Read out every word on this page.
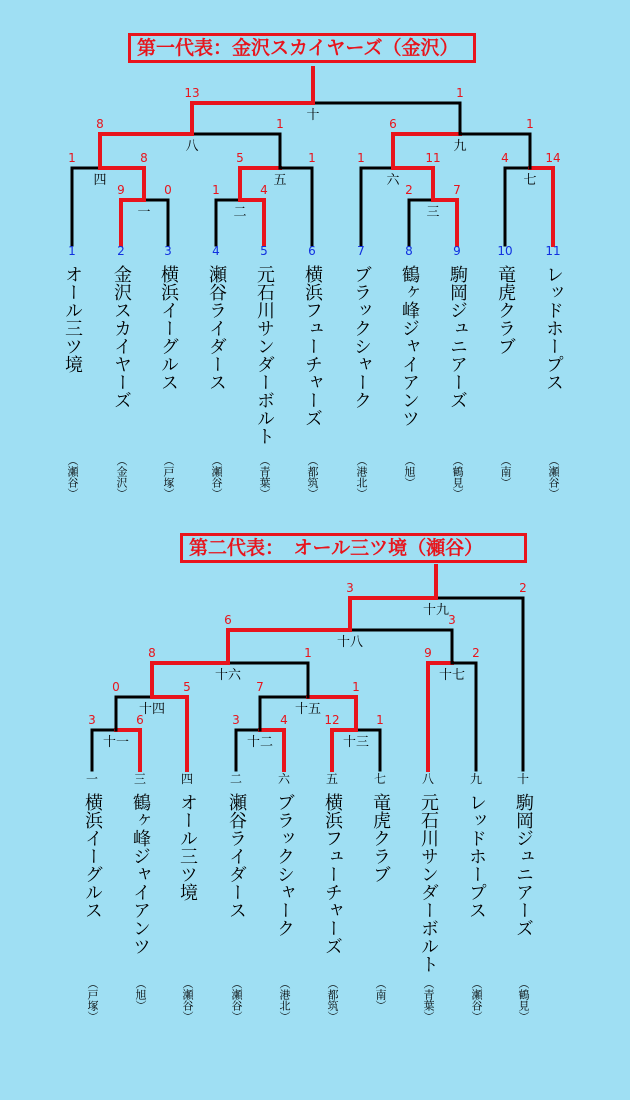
第一代表：金沢スカイヤーズ（金沢）
第二代表：　オール三ツ境（瀬谷）
9	0
一
1	4
二
2	7
三
1	8
四
5	1
五
1	11
六
4	14
七
8	1
八
6	1
九
13	1
十
1	2	3	4	5	6	7	8	9	10	11
3	6
十一
3	4
十二
12	1
十三
0	5
十四
7	1
十五
8	1
十六
9	2
十七
6	3
十八
3	2
十九
一	三	四	二	六	五	七	八	九	十
オール三ツ境
（瀬谷）
金沢スカイヤーズ
（金沢）
横浜イーグルス
（戸塚）
瀬谷ライダース
（瀬谷）
元石川サンダーボルト
（青葉）
横浜フューチャーズ
（都筑）
ブラックシャーク
（港北）
鶴ヶ峰ジャイアンツ
（旭）
駒岡ジュニアーズ
（鶴見）
竜虎クラブ
（南）
レッドホープス
（瀬谷）
横浜イーグルス
（戸塚）
鶴ヶ峰ジャイアンツ
（旭）
オール三ツ境
（瀬谷）
瀬谷ライダース
（瀬谷）
ブラックシャーク
（港北）
横浜フューチャーズ
（都筑）
竜虎クラブ
（南）
元石川サンダーボルト
（青葉）
レッドホープス
（瀬谷）
駒岡ジュニアーズ
（鶴見）
